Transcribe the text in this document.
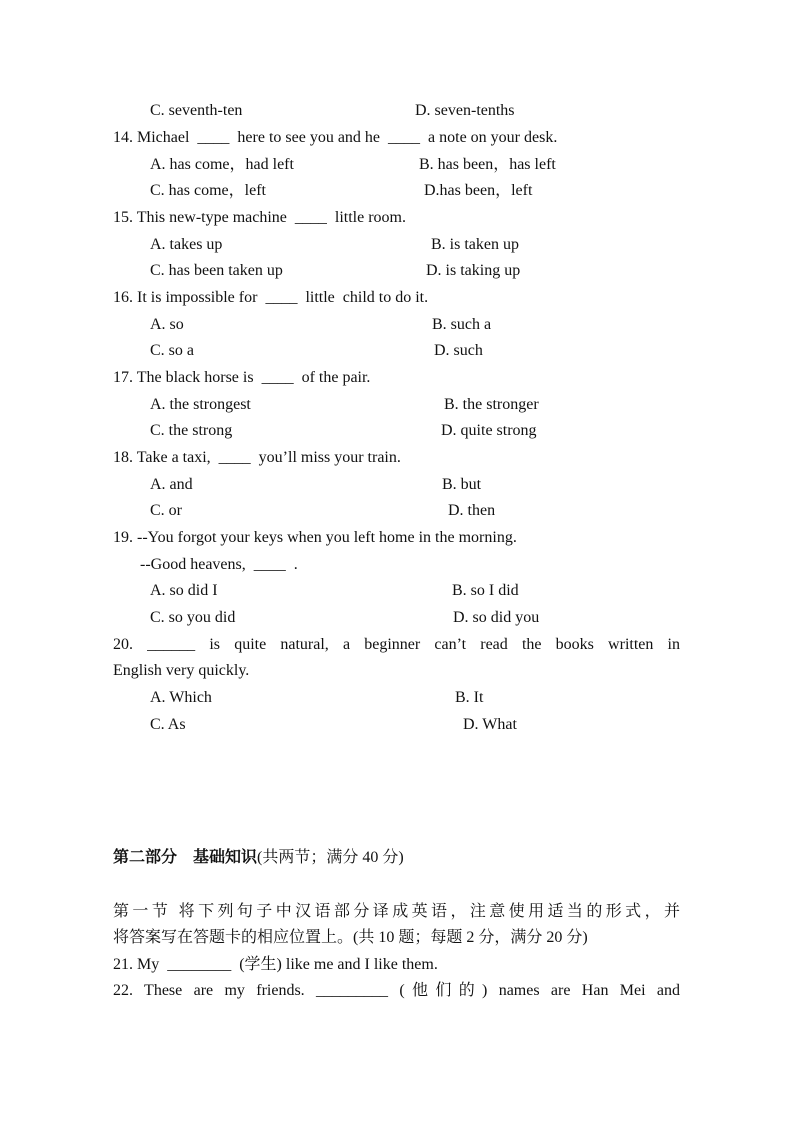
C. seventh-ten	D. seven-tenths
14. Michael  ____  here to see you and he  ____  a note on your desk.
A. has come，had left	B. has been，has left
C. has come，left	D.has been，left
15. This new-type machine  ____  little room.
A. takes up	B. is taken up
C. has been taken up	D. is taking up
16. It is impossible for  ____  little  child to do it.
A. so	B. such a
C. so a	D. such
17. The black horse is  ____  of the pair.
A. the strongest	B. the stronger
C. the strong	D. quite strong
18. Take a taxi,  ____  you’ll miss your train.
A. and	B. but
C. or	D. then
19. --You forgot your keys when you left home in the morning.
--Good heavens,  ____  .
A. so did I	B. so I did
C. so you did	D. so did you
20. ______ is quite natural, a beginner can’t read the books written in
English very quickly.
A. Which	B. It
C. As	D. What
第二部分    基础知识(共两节；满分 40 分)
第一节 将下列句子中汉语部分译成英语，注意使用适当的形式，并
将答案写在答题卡的相应位置上。(共 10 题；每题 2 分，满分 20 分)
21. My  ________  (学生) like me and I like them.
22. These are my friends. _________ (他们的) names are Han Mei and
